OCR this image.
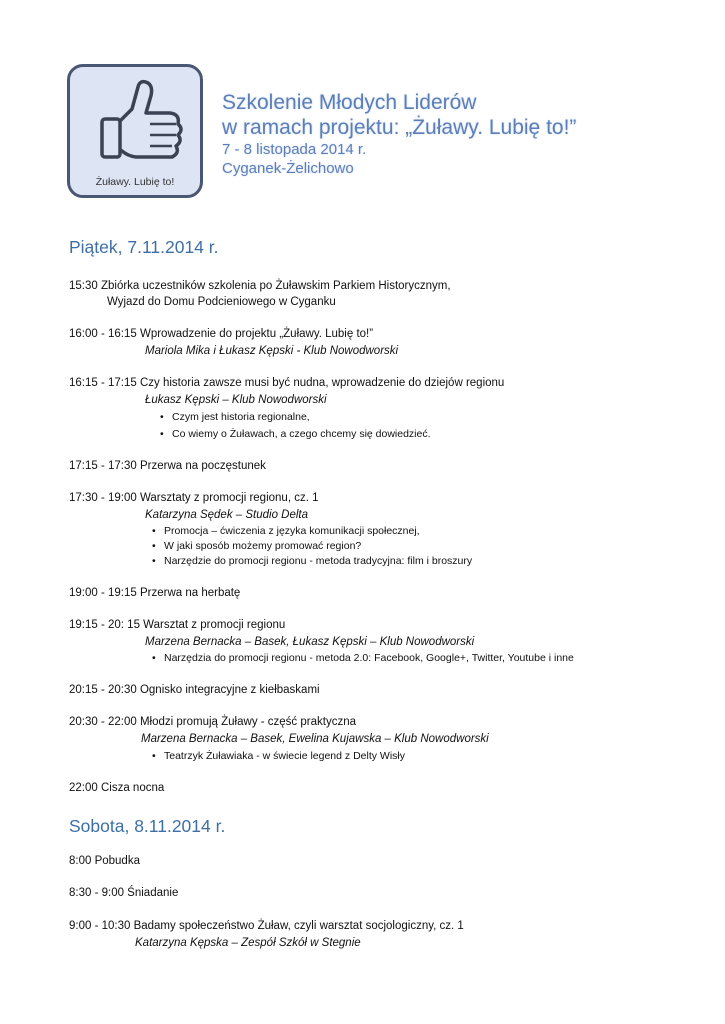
Żuławy. Lubię to!
Szkolenie Młodych Liderów
w ramach projektu: „Żuławy. Lubię to!”
7 - 8 listopada 2014 r.
Cyganek-Żelichowo
Piątek, 7.11.2014 r.
15:30 Zbiórka uczestników szkolenia po Żuławskim Parkiem Historycznym,
Wyjazd do Domu Podcieniowego w Cyganku
16:00 - 16:15 Wprowadzenie do projektu „Żuławy. Lubię to!”
Mariola Mika i Łukasz Kępski - Klub Nowodworski
16:15 - 17:15 Czy historia zawsze musi być nudna, wprowadzenie do dziejów regionu
Łukasz Kępski – Klub Nowodworski
• Czym jest historia regionalne,
• Co wiemy o Żuławach, a czego chcemy się dowiedzieć.
17:15 - 17:30 Przerwa na poczęstunek
17:30 - 19:00 Warsztaty z promocji regionu, cz. 1
Katarzyna Sędek – Studio Delta
• Promocja – ćwiczenia z języka komunikacji społecznej,
• W jaki sposób możemy promować region?
• Narzędzie do promocji regionu - metoda tradycyjna: film i broszury
19:00 - 19:15 Przerwa na herbatę
19:15 - 20: 15 Warsztat z promocji regionu
Marzena Bernacka – Basek, Łukasz Kępski – Klub Nowodworski
• Narzędzia do promocji regionu - metoda 2.0: Facebook, Google+, Twitter, Youtube i inne
20:15 - 20:30 Ognisko integracyjne z kiełbaskami
20:30 - 22:00 Młodzi promują Żuławy - część praktyczna
Marzena Bernacka – Basek, Ewelina Kujawska – Klub Nowodworski
• Teatrzyk Żuławiaka - w świecie legend z Delty Wisły
22:00 Cisza nocna
Sobota, 8.11.2014 r.
8:00 Pobudka
8:30 - 9:00 Śniadanie
9:00 - 10:30 Badamy społeczeństwo Żuław, czyli warsztat socjologiczny, cz. 1
Katarzyna Kępska – Zespół Szkół w Stegnie
